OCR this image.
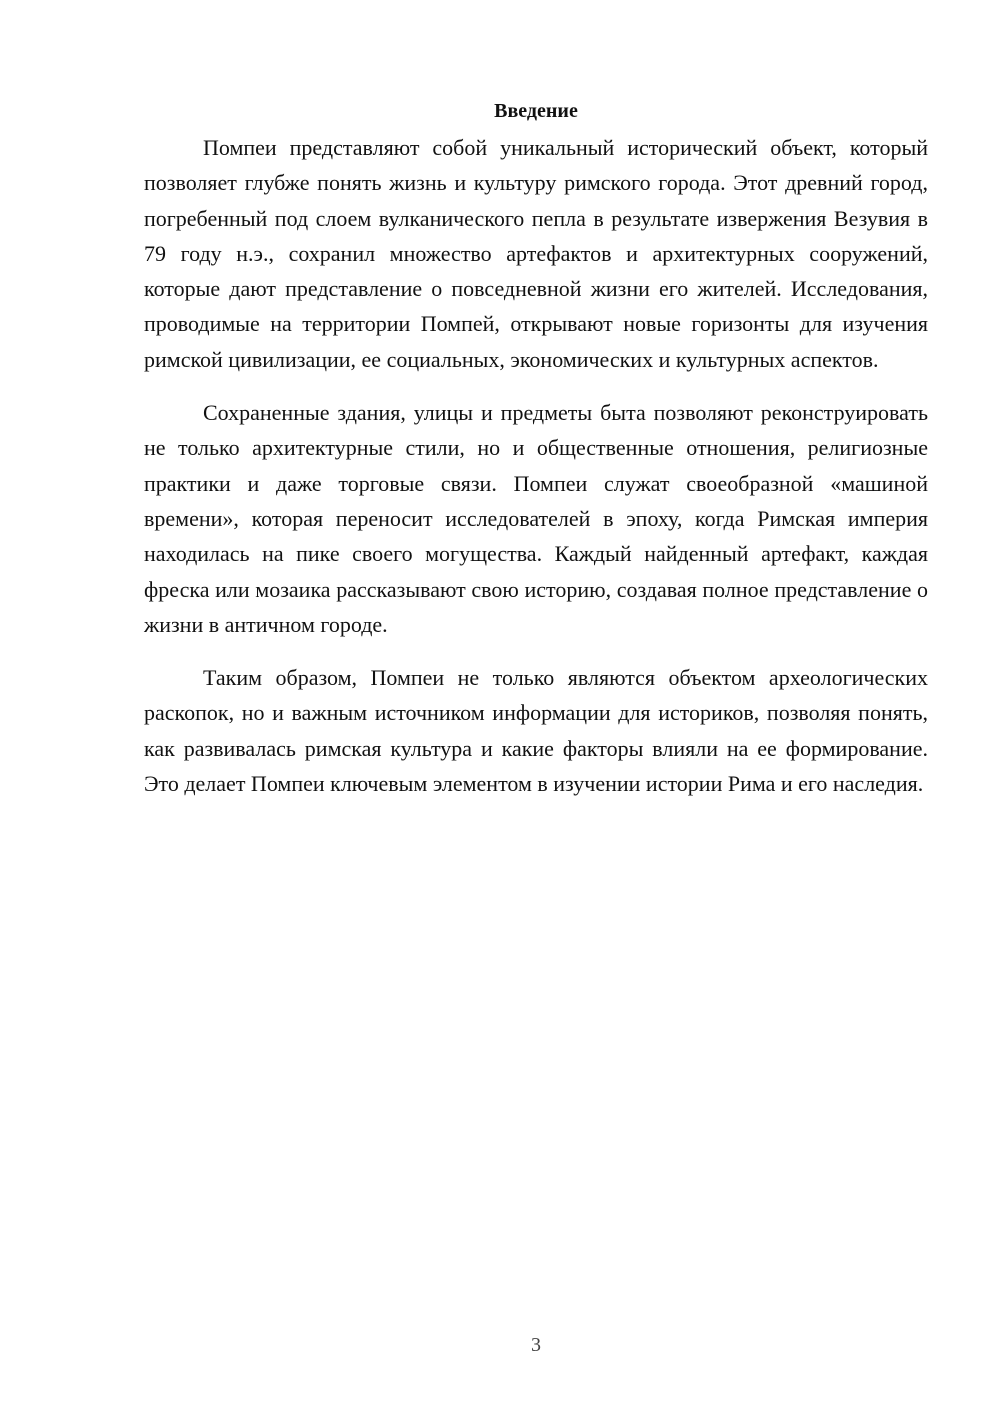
Введение

Помпеи представляют собой уникальный исторический объект, который позволяет глубже понять жизнь и культуру римского города. Этот древний город, погребенный под слоем вулканического пепла в результате извержения Везувия в 79 году н.э., сохранил множество артефактов и архитектурных сооружений, которые дают представление о повседневной жизни его жителей. Исследования, проводимые на территории Помпей, открывают новые горизонты для изучения римской цивилизации, ее социальных, экономических и культурных аспектов.

Сохраненные здания, улицы и предметы быта позволяют реконструировать не только архитектурные стили, но и общественные отношения, религиозные практики и даже торговые связи. Помпеи служат своеобразной «машиной времени», которая переносит исследователей в эпоху, когда Римская империя находилась на пике своего могущества. Каждый найденный артефакт, каждая фреска или мозаика рассказывают свою историю, создавая полное представление о жизни в античном городе.

Таким образом, Помпеи не только являются объектом археологических раскопок, но и важным источником информации для историков, позволяя понять, как развивалась римская культура и какие факторы влияли на ее формирование. Это делает Помпеи ключевым элементом в изучении истории Рима и его наследия.

3
